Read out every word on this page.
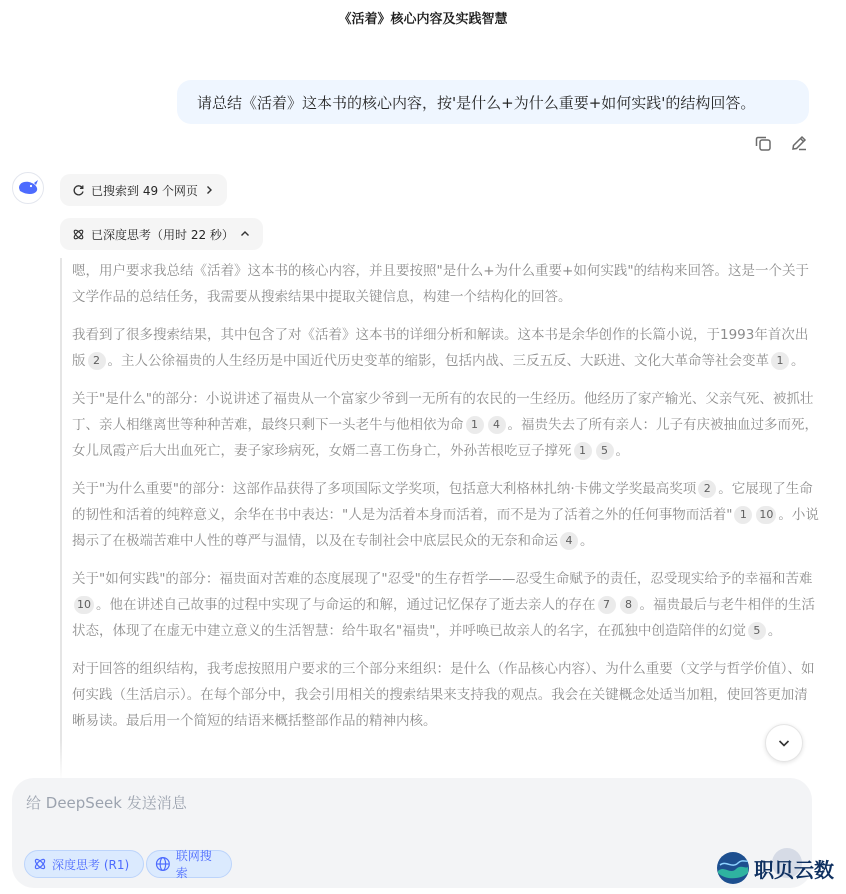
《活着》核心内容及实践智慧
请总结《活着》这本书的核心内容，按'是什么+为什么重要+如何实践'的结构回答。
已搜索到 49 个网页
已深度思考（用时 22 秒）

嗯，用户要求我总结《活着》这本书的核心内容，并且要按照"是什么+为什么重要+如何实践"的结构来回答。这是一个关于文学作品的总结任务，我需要从搜索结果中提取关键信息，构建一个结构化的回答。

我看到了很多搜索结果，其中包含了对《活着》这本书的详细分析和解读。这本书是余华创作的长篇小说，于1993年首次出版 2 。主人公徐福贵的人生经历是中国近代历史变革的缩影，包括内战、三反五反、大跃进、文化大革命等社会变革 1 。

关于"是什么"的部分：小说讲述了福贵从一个富家少爷到一无所有的农民的一生经历。他经历了家产输光、父亲气死、被抓壮丁、亲人相继离世等种种苦难，最终只剩下一头老牛与他相依为命 1 4 。福贵失去了所有亲人：儿子有庆被抽血过多而死，女儿凤霞产后大出血死亡，妻子家珍病死，女婿二喜工伤身亡，外孙苦根吃豆子撑死 1 5 。

关于"为什么重要"的部分：这部作品获得了多项国际文学奖项，包括意大利格林扎纳·卡佛文学奖最高奖项 2 。它展现了生命的韧性和活着的纯粹意义，余华在书中表达："人是为活着本身而活着，而不是为了活着之外的任何事物而活着" 1 10 。小说揭示了在极端苦难中人性的尊严与温情，以及在专制社会中底层民众的无奈和命运 4 。

关于"如何实践"的部分：福贵面对苦难的态度展现了"忍受"的生存哲学——忍受生命赋予的责任，忍受现实给予的幸福和苦难10 。他在讲述自己故事的过程中实现了与命运的和解，通过记忆保存了逝去亲人的存在 7 8 。福贵最后与老牛相伴的生活状态，体现了在虚无中建立意义的生活智慧：给牛取名"福贵"，并呼唤已故亲人的名字，在孤独中创造陪伴的幻觉 5 。

对于回答的组织结构，我考虑按照用户要求的三个部分来组织：是什么（作品核心内容）、为什么重要（文学与哲学价值）、如何实践（生活启示）。在每个部分中，我会引用相关的搜索结果来支持我的观点。我会在关键概念处适当加粗，使回答更加清晰易读。最后用一个简短的结语来概括整部作品的精神内核。

给 DeepSeek 发送消息
深度思考 (R1)
联网搜索	职贝云数
